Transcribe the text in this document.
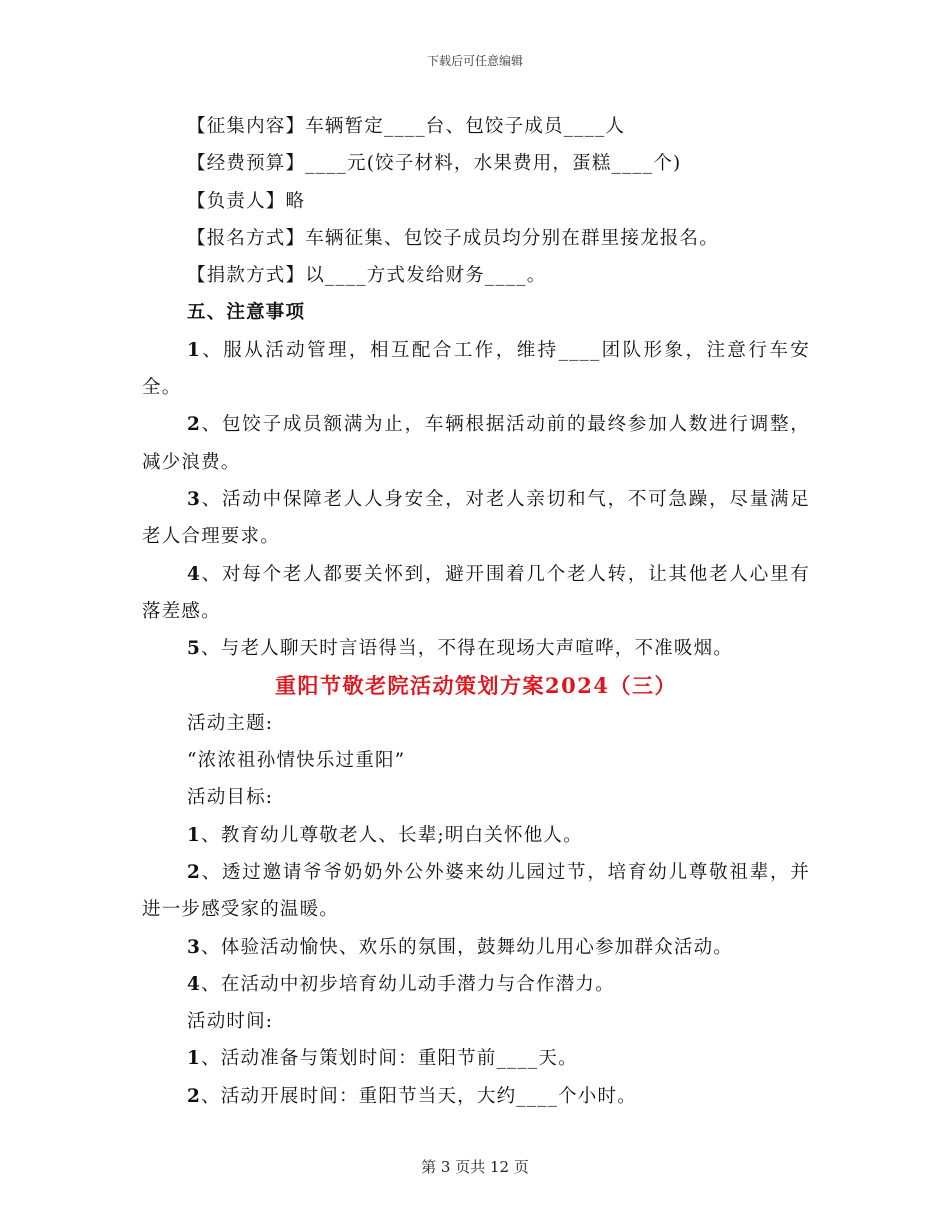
下载后可任意编辑
【征集内容】车辆暂定____台、包饺子成员____人
【经费预算】____元(饺子材料，水果费用，蛋糕____个)
【负责人】略
【报名方式】车辆征集、包饺子成员均分别在群里接龙报名。
【捐款方式】以____方式发给财务____。
五、注意事项
1、服从活动管理，相互配合工作，维持____团队形象，注意行车安全。
2、包饺子成员额满为止，车辆根据活动前的最终参加人数进行调整，减少浪费。
3、活动中保障老人人身安全，对老人亲切和气，不可急躁，尽量满足老人合理要求。
4、对每个老人都要关怀到，避开围着几个老人转，让其他老人心里有落差感。
5、与老人聊天时言语得当，不得在现场大声喧哗，不准吸烟。
重阳节敬老院活动策划方案2024（三）
活动主题:
“浓浓祖孙情快乐过重阳”
活动目标:
1、教育幼儿尊敬老人、长辈;明白关怀他人。
2、透过邀请爷爷奶奶外公外婆来幼儿园过节，培育幼儿尊敬祖辈，并进一步感受家的温暖。
3、体验活动愉快、欢乐的氛围，鼓舞幼儿用心参加群众活动。
4、在活动中初步培育幼儿动手潜力与合作潜力。
活动时间:
1、活动准备与策划时间：重阳节前____天。
2、活动开展时间：重阳节当天，大约____个小时。
第 3 页共 12 页
